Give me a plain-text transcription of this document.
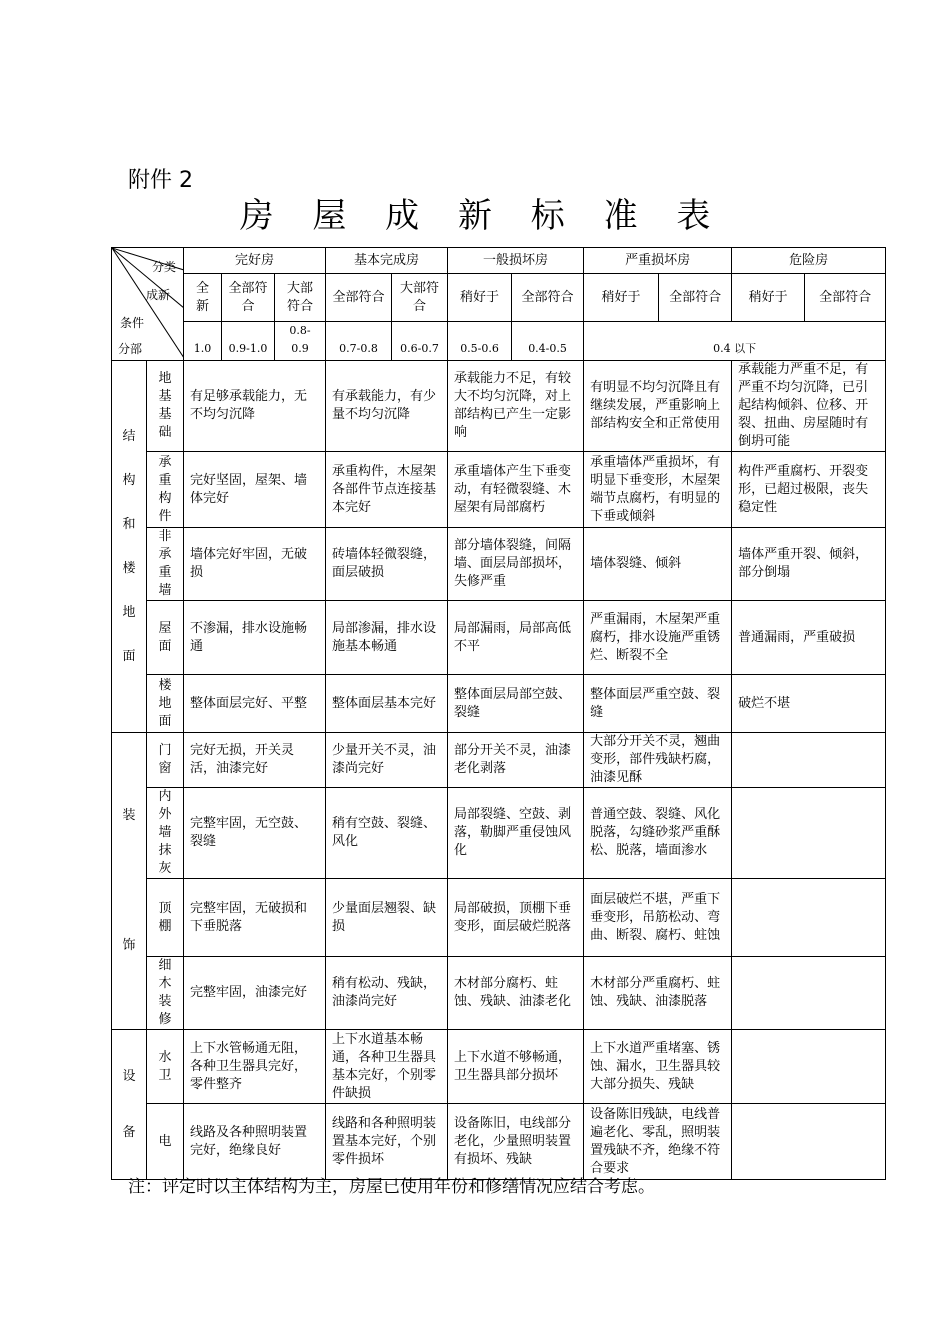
附件 2
房 屋 成 新 标 准 表
分类
成新
条件
分部		完好房			基本完成房		一般损坏房		严重损坏房		危险房	
		全新	全部符合	大部符合	全部符合	大部符合	稍好于	全部符合	稍好于	全部符合	稍好于	全部符合
		1.0	0.9-1.0	0.8-0.9	0.7-0.8	0.6-0.7	0.5-0.6	0.4-0.5	0.4 以下			

结构和楼地面	地基基础	有足够承载能力，无不均匀沉降			有承载能力，有少量不均匀沉降		承载能力不足，有较大不均匀沉降，对上部结构已产生一定影响		有明显不均匀沉降且有继续发展，严重影响上部结构安全和正常使用		承载能力严重不足，有严重不均匀沉降，已引起结构倾斜、位移、开裂、扭曲、房屋随时有倒坍可能	
	承重构件	完好坚固，屋架、墙体完好			承重构件，木屋架各部件节点连接基本完好		承重墙体产生下垂变动，有轻微裂缝、木屋架有局部腐朽		承重墙体严重损坏，有明显下垂变形，木屋架端节点腐朽，有明显的下垂或倾斜		构件严重腐朽、开裂变形，已超过极限，丧失稳定性	
	非承重墙	墙体完好牢固，无破损			砖墙体轻微裂缝，面层破损		部分墙体裂缝，间隔墙、面层局部损坏，失修严重		墙体裂缝、倾斜		墙体严重开裂、倾斜，部分倒塌	
	屋面	不渗漏，排水设施畅通			局部渗漏，排水设施基本畅通		局部漏雨，局部高低不平		严重漏雨，木屋架严重腐朽，排水设施严重锈烂、断裂不全		普通漏雨，严重破损	
	楼地面	整体面层完好、平整			整体面层基本完好		整体面层局部空鼓、裂缝		整体面层严重空鼓、裂缝		破烂不堪	

装饰	门窗	完好无损，开关灵活，油漆完好			少量开关不灵，油漆尚完好		部分开关不灵，油漆老化剥落		大部分开关不灵，翘曲变形，部件残缺朽腐，油漆见酥			
	内外墙抹灰	完整牢固，无空鼓、裂缝			稍有空鼓、裂缝、风化		局部裂缝、空鼓、剥落，勒脚严重侵蚀风化		普通空鼓、裂缝、风化脱落，勾缝砂浆严重酥松、脱落，墙面渗水			
	顶棚	完整牢固，无破损和下垂脱落			少量面层翘裂、缺损		局部破损，顶棚下垂变形，面层破烂脱落		面层破烂不堪，严重下垂变形，吊筋松动、弯曲、断裂、腐朽、蛀蚀			
	细木装修	完整牢固，油漆完好			稍有松动、残缺，油漆尚完好		木材部分腐朽、蛀蚀、残缺、油漆老化		木材部分严重腐朽、蛀蚀、残缺、油漆脱落			

设备	水卫	上下水管畅通无阻，各种卫生器具完好，零件整齐			上下水道基本畅通，各种卫生器具基本完好，个别零件缺损		上下水道不够畅通，卫生器具部分损坏		上下水道严重堵塞、锈蚀、漏水，卫生器具较大部分损失、残缺			
	电	线路及各种照明装置完好，绝缘良好			线路和各种照明装置基本完好，个别零件损坏		设备陈旧，电线部分老化，少量照明装置有损坏、残缺		设备陈旧残缺，电线普遍老化、零乱，照明装置残缺不齐，绝缘不符合要求			
注：评定时以主体结构为主，房屋已使用年份和修缮情况应结合考虑。
